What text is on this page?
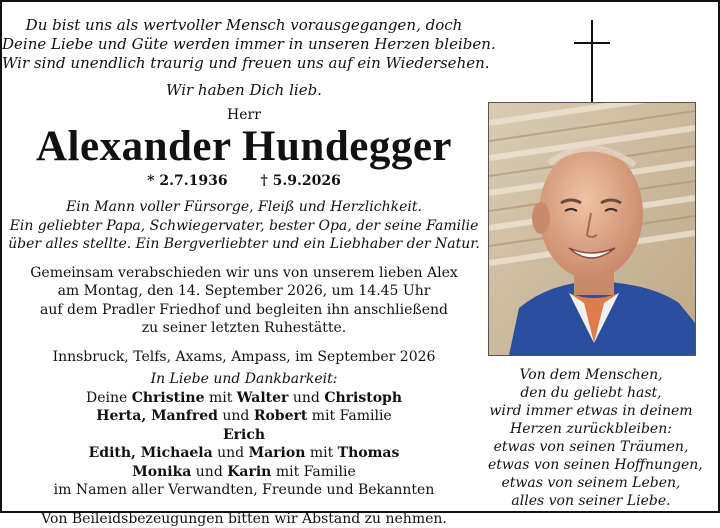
Du bist uns als wertvoller Mensch vorausgegangen, doch
Deine Liebe und Güte werden immer in unseren Herzen bleiben.
Wir sind unendlich traurig und freuen uns auf ein Wiedersehen.
Wir haben Dich lieb.
Herr
Alexander Hundegger
* 2.7.1936 † 5.9.2026
Ein Mann voller Fürsorge, Fleiß und Herzlichkeit.
Ein geliebter Papa, Schwiegervater, bester Opa, der seine Familie
über alles stellte. Ein Bergverliebter und ein Liebhaber der Natur.
Gemeinsam verabschieden wir uns von unserem lieben Alex
am Montag, den 14. September 2026, um 14.45 Uhr
auf dem Pradler Friedhof und begleiten ihn anschließend
zu seiner letzten Ruhestätte.
Innsbruck, Telfs, Axams, Ampass, im September 2026
In Liebe und Dankbarkeit:
Deine Christine mit Walter und Christoph
Herta, Manfred und Robert mit Familie
Erich
Edith, Michaela und Marion mit Thomas
Monika und Karin mit Familie
im Namen aller Verwandten, Freunde und Bekannten
Von Beileidsbezeugungen bitten wir Abstand zu nehmen.
Von dem Menschen,
den du geliebt hast,
wird immer etwas in deinem
Herzen zurückbleiben:
etwas von seinen Träumen,
etwas von seinen Hoffnungen,
etwas von seinem Leben,
alles von seiner Liebe.
